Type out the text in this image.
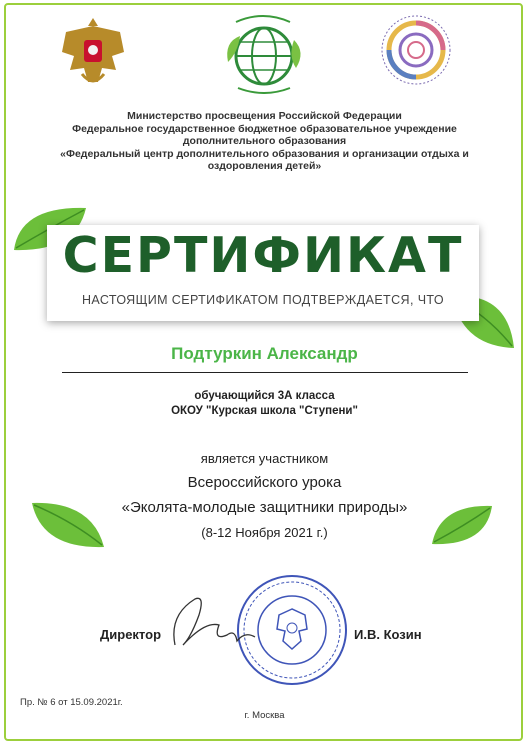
Министерство просвещения Российской Федерации
Федеральное государственное бюджетное образовательное учреждение
дополнительного образования
«Федеральный центр дополнительного образования и организации отдыха и
оздоровления детей»
СЕРТИФИКАТ
НАСТОЯЩИМ СЕРТИФИКАТОМ ПОДТВЕРЖДАЕТСЯ, ЧТО
Подтуркин Александр
обучающийся 3А класса
ОКОУ "Курская школа "Ступени"
является участником
Всероссийского урока
«Эколята-молодые защитники природы»
(8-12 Ноября 2021 г.)
Директор	И.В. Козин
Пр. № 6 от 15.09.2021г.
г. Москва
